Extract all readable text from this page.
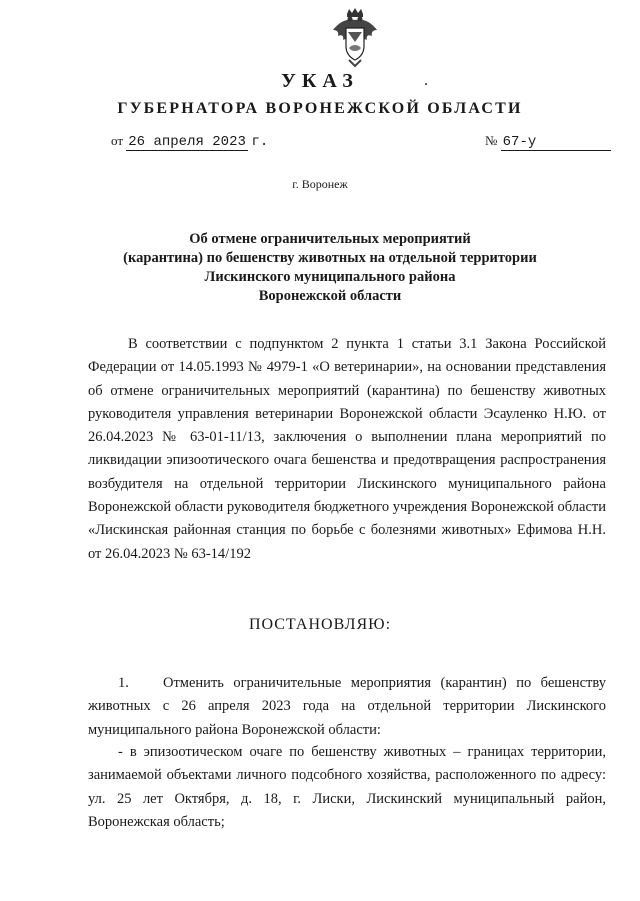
УКАЗ	.
ГУБЕРНАТОРА ВОРОНЕЖСКОЙ ОБЛАСТИ
от 26 апреля 2023 г.	№ 67-у
г. Воронеж
Об отмене ограничительных мероприятий
(карантина) по бешенству животных на отдельной территории
Лискинского муниципального района
Воронежской области
В соответствии с подпунктом 2 пункта 1 статьи 3.1 Закона Российской Федерации от 14.05.1993 № 4979-1 «О ветеринарии», на основании представления об отмене ограничительных мероприятий (карантина) по бешенству животных руководителя управления ветеринарии Воронежской области Эсауленко Н.Ю. от 26.04.2023 № 63-01-11/13, заключения о выполнении плана мероприятий по ликвидации эпизоотического очага бешенства и предотвращения распространения возбудителя на отдельной территории Лискинского муниципального района Воронежской области руководителя бюджетного учреждения Воронежской области «Лискинская районная станция по борьбе с болезнями животных» Ефимова Н.Н. от 26.04.2023 № 63-14/192
ПОСТАНОВЛЯЮ:
1. Отменить ограничительные мероприятия (карантин) по бешенству животных с 26 апреля 2023 года на отдельной территории Лискинского муниципального района Воронежской области:
- в эпизоотическом очаге по бешенству животных – границах территории, занимаемой объектами личного подсобного хозяйства, расположенного по адресу: ул. 25 лет Октября, д. 18, г. Лиски, Лискинский муниципальный район, Воронежская область;
